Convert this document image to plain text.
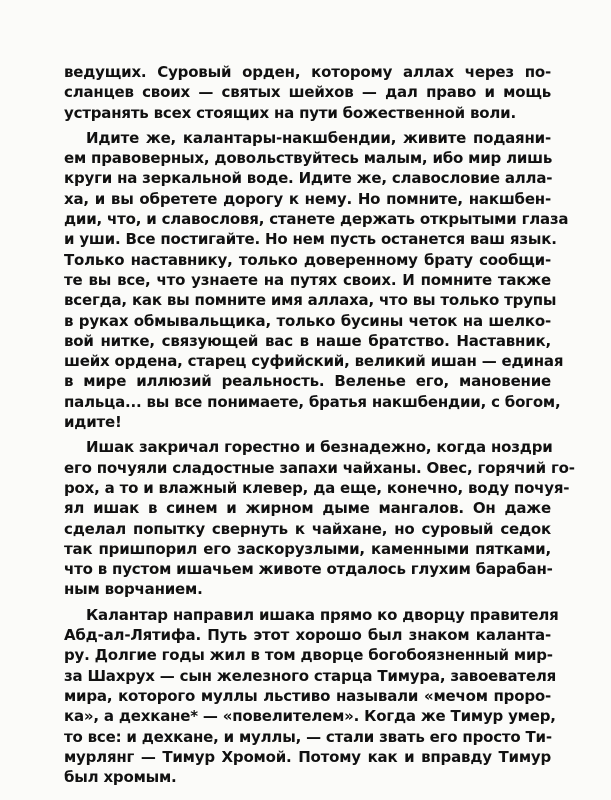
ведущих. Суровый орден, которому аллах через по-
сланцев своих — святых шейхов — дал право и мощь
устранять всех стоящих на пути божественной воли.
Идите же, калантары-накшбендии, живите подаяни-
ем правоверных, довольствуйтесь малым, ибо мир лишь
круги на зеркальной воде. Идите же, славословие алла-
ха, и вы обретете дорогу к нему. Но помните, накшбен-
дии, что, и славословя, станете держать открытыми глаза
и уши. Все постигайте. Но нем пусть останется ваш язык.
Только наставнику, только доверенному брату сообщи-
те вы все, что узнаете на путях своих. И помните также
всегда, как вы помните имя аллаха, что вы только трупы
в руках обмывальщика, только бусины четок на шелко-
вой нитке, связующей вас в наше братство. Наставник,
шейх ордена, старец суфийский, великий ишан — единая
в мире иллюзий реальность. Веленье его, мановение
пальца... вы все понимаете, братья накшбендии, с богом,
идите!
Ишак закричал горестно и безнадежно, когда ноздри
его почуяли сладостные запахи чайханы. Овес, горячий го-
рох, а то и влажный клевер, да еще, конечно, воду почуя-
ял ишак в синем и жирном дыме мангалов. Он даже
сделал попытку свернуть к чайхане, но суровый седок
так пришпорил его заскорузлыми, каменными пятками,
что в пустом ишачьем животе отдалось глухим барабан-
ным ворчанием.
Калантар направил ишака прямо ко дворцу правителя
Абд-ал-Лятифа. Путь этот хорошо был знаком каланта-
ру. Долгие годы жил в том дворце богобоязненный мир-
за Шахрух — сын железного старца Тимура, завоевателя
мира, которого муллы льстиво называли «мечом проро-
ка», а дехкане* — «повелителем». Когда же Тимур умер,
то все: и дехкане, и муллы, — стали звать его просто Ти-
мурлянг — Тимур Хромой. Потому как и вправду Тимур
был хромым.
